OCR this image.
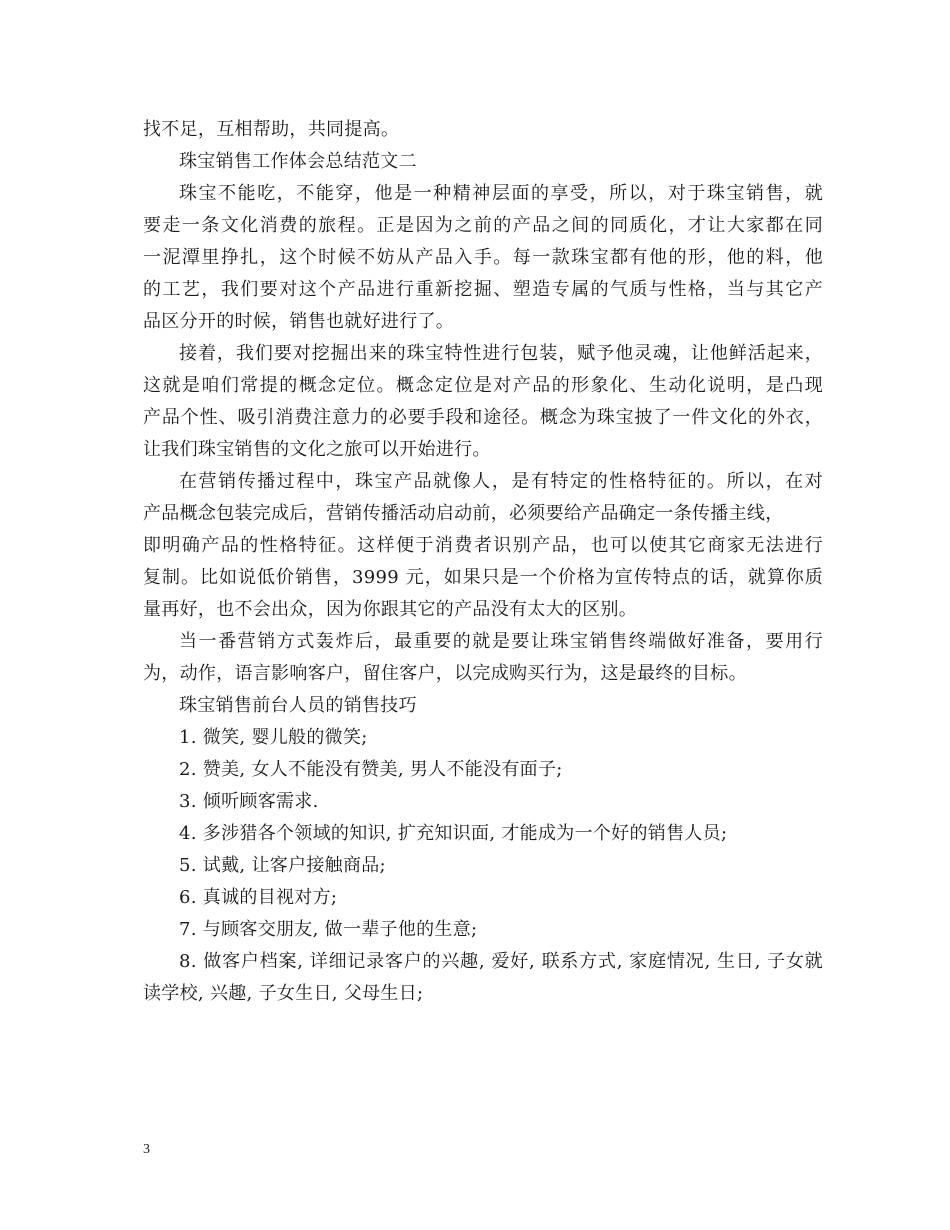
找不足，互相帮助，共同提高。
珠宝销售工作体会总结范文二
珠宝不能吃，不能穿，他是一种精神层面的享受，所以，对于珠宝销售，就
要走一条文化消费的旅程。正是因为之前的产品之间的同质化，才让大家都在同
一泥潭里挣扎，这个时候不妨从产品入手。每一款珠宝都有他的形，他的料，他
的工艺，我们要对这个产品进行重新挖掘、塑造专属的气质与性格，当与其它产
品区分开的时候，销售也就好进行了。
接着，我们要对挖掘出来的珠宝特性进行包装，赋予他灵魂，让他鲜活起来，
这就是咱们常提的概念定位。概念定位是对产品的形象化、生动化说明，是凸现
产品个性、吸引消费注意力的必要手段和途径。概念为珠宝披了一件文化的外衣，
让我们珠宝销售的文化之旅可以开始进行。
在营销传播过程中，珠宝产品就像人，是有特定的性格特征的。所以，在对
产品概念包装完成后，营销传播活动启动前，必须要给产品确定一条传播主线，
即明确产品的性格特征。这样便于消费者识别产品，也可以使其它商家无法进行
复制。比如说低价销售，3999 元，如果只是一个价格为宣传特点的话，就算你质
量再好，也不会出众，因为你跟其它的产品没有太大的区别。
当一番营销方式轰炸后，最重要的就是要让珠宝销售终端做好准备，要用行
为，动作，语言影响客户，留住客户，以完成购买行为，这是最终的目标。
珠宝销售前台人员的销售技巧
1. 微笑, 婴儿般的微笑;
2. 赞美, 女人不能没有赞美, 男人不能没有面子;
3. 倾听顾客需求.
4. 多涉猎各个领域的知识, 扩充知识面, 才能成为一个好的销售人员;
5. 试戴, 让客户接触商品;
6. 真诚的目视对方;
7. 与顾客交朋友, 做一辈子他的生意;
8. 做客户档案, 详细记录客户的兴趣, 爱好, 联系方式, 家庭情况, 生日, 子女就
读学校, 兴趣, 子女生日, 父母生日;
3
